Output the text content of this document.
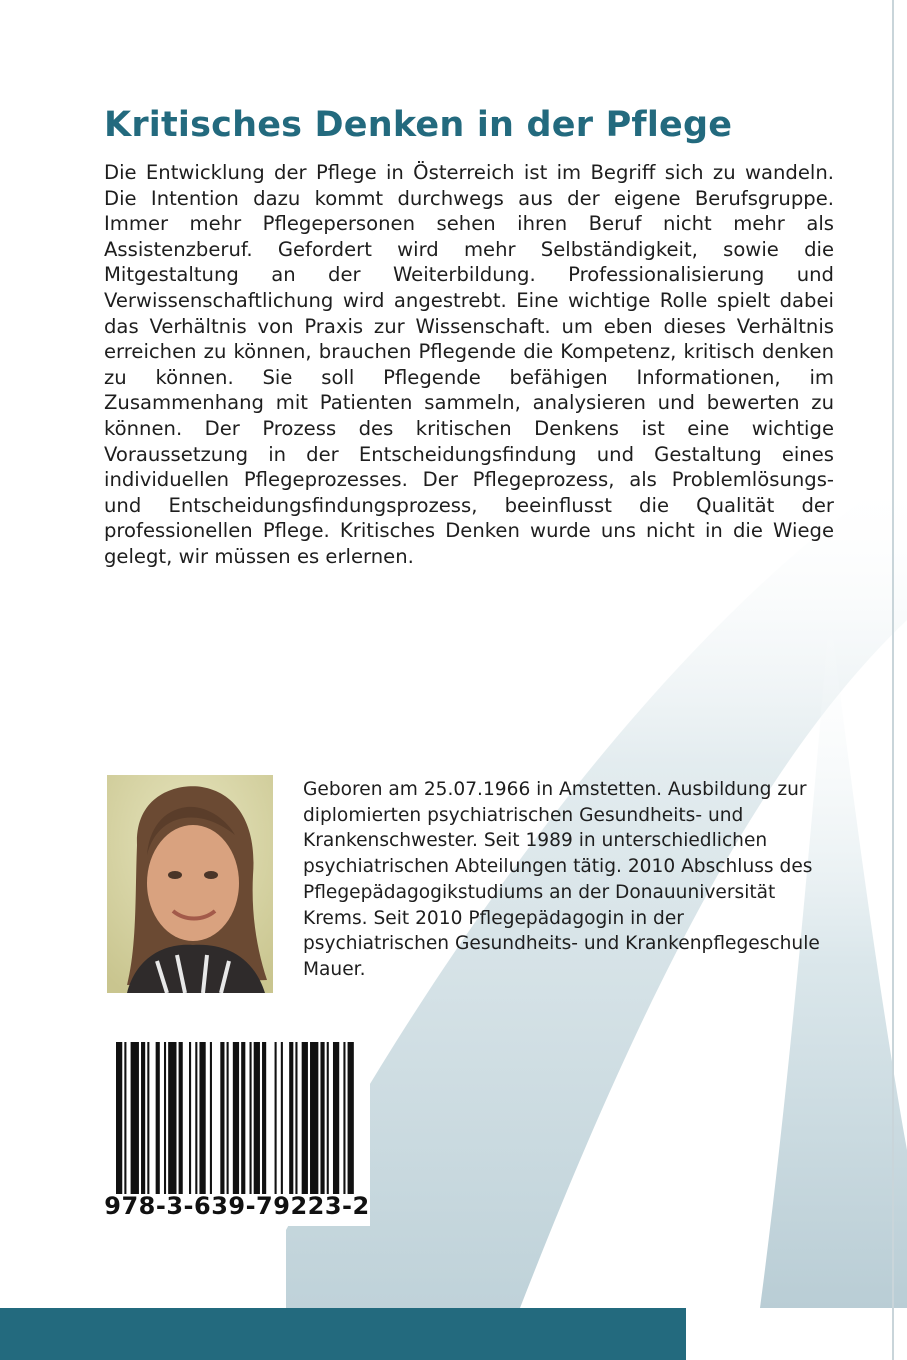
Kritisches Denken in der Pflege

Die Entwicklung der Pflege in Österreich ist im Begriff sich zu wandeln. Die Intention dazu kommt durchwegs aus der eigene Berufsgruppe. Immer mehr Pflegepersonen sehen ihren Beruf nicht mehr als Assistenzberuf. Gefordert wird mehr Selbständigkeit, sowie die Mitgestaltung an der Weiterbildung. Professionalisierung und Verwissenschaftlichung wird angestrebt. Eine wichtige Rolle spielt dabei das Verhältnis von Praxis zur Wissenschaft. um eben dieses Verhältnis erreichen zu können, brauchen Pflegende die Kompetenz, kritisch denken zu können. Sie soll Pflegende befähigen Informationen, im Zusammenhang mit Patienten sammeln, analysieren und bewerten zu können. Der Prozess des kritischen Denkens ist eine wichtige Voraussetzung in der Entscheidungsfindung und Gestaltung eines individuellen Pflegeprozesses. Der Pflegeprozess, als Problemlösungs- und Entscheidungsfindungsprozess, beeinflusst die Qualität der professionellen Pflege. Kritisches Denken wurde uns nicht in die Wiege gelegt, wir müssen es erlernen.

Geboren am 25.07.1966 in Amstetten. Ausbildung zur diplomierten psychiatrischen Gesundheits- und Krankenschwester. Seit 1989 in unterschiedlichen psychiatrischen Abteilungen tätig. 2010 Abschluss des Pflegepädagogikstudiums an der Donauuniversität Krems. Seit 2010 Pflegepädagogin in der psychiatrischen Gesundheits- und Krankenpflegeschule Mauer.

978-3-639-79223-2
